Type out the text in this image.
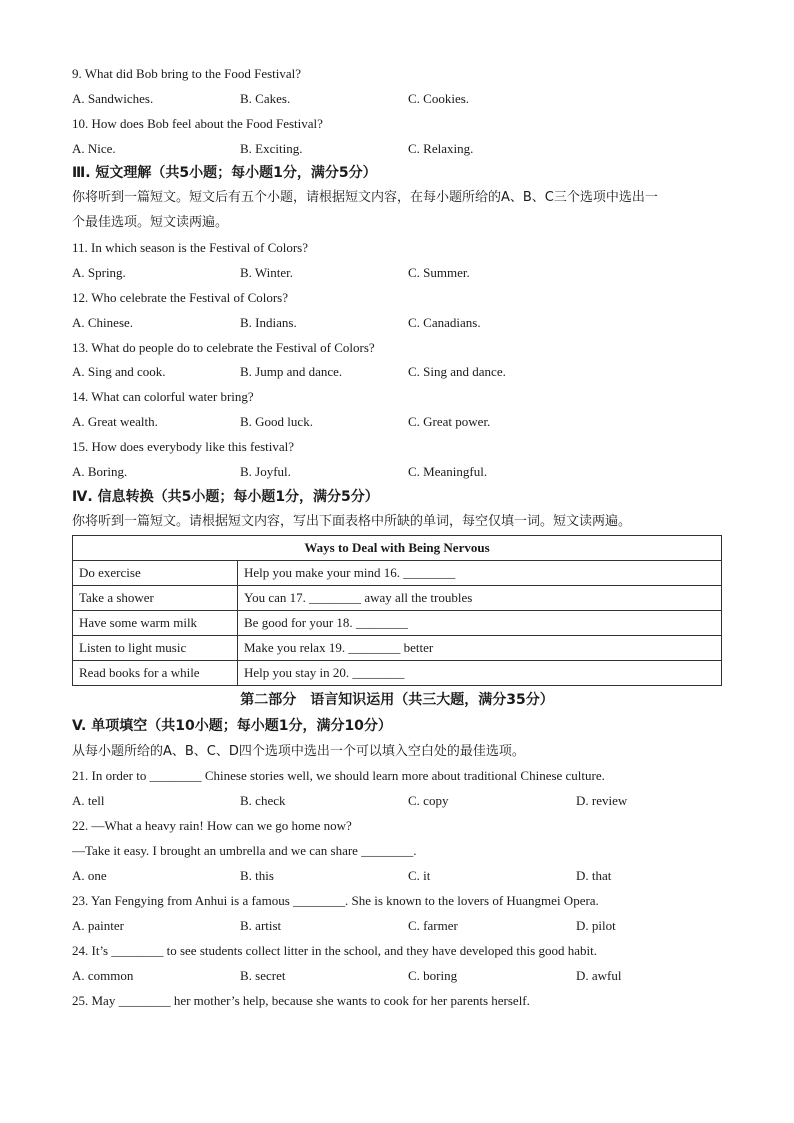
9. What did Bob bring to the Food Festival?
A. Sandwiches.	B. Cakes.	C. Cookies.
10. How does Bob feel about the Food Festival?
A. Nice.	B. Exciting.	C. Relaxing.
Ⅲ. 短文理解（共5小题；每小题1分，满分5分）
你将听到一篇短文。短文后有五个小题，请根据短文内容，在每小题所给的A、B、C三个选项中选出一
个最佳选项。短文读两遍。
11. In which season is the Festival of Colors?
A. Spring.	B. Winter.	C. Summer.
12. Who celebrate the Festival of Colors?
A. Chinese.	B. Indians.	C. Canadians.
13. What do people do to celebrate the Festival of Colors?
A. Sing and cook.	B. Jump and dance.	C. Sing and dance.
14. What can colorful water bring?
A. Great wealth.	B. Good luck.	C. Great power.
15. How does everybody like this festival?
A. Boring.	B. Joyful.	C. Meaningful.
Ⅳ. 信息转换（共5小题；每小题1分，满分5分）
你将听到一篇短文。请根据短文内容，写出下面表格中所缺的单词，每空仅填一词。短文读两遍。
Ways to Deal with Being Nervous	
Do exercise	Help you make your mind 16. ________
Take a shower	You can 17. ________ away all the troubles
Have some warm milk	Be good for your 18. ________
Listen to light music	Make you relax 19. ________ better
Read books for a while	Help you stay in 20. ________
第二部分　语言知识运用（共三大题，满分35分）
V. 单项填空（共10小题；每小题1分，满分10分）
从每小题所给的A、B、C、D四个选项中选出一个可以填入空白处的最佳选项。
21. In order to ________ Chinese stories well, we should learn more about traditional Chinese culture.
A. tell	B. check	C. copy	D. review
22. —What a heavy rain! How can we go home now?
—Take it easy. I brought an umbrella and we can share ________.
A. one	B. this	C. it	D. that
23. Yan Fengying from Anhui is a famous ________. She is known to the lovers of Huangmei Opera.
A. painter	B. artist	C. farmer	D. pilot
24. It’s ________ to see students collect litter in the school, and they have developed this good habit.
A. common	B. secret	C. boring	D. awful
25. May ________ her mother’s help, because she wants to cook for her parents herself.
